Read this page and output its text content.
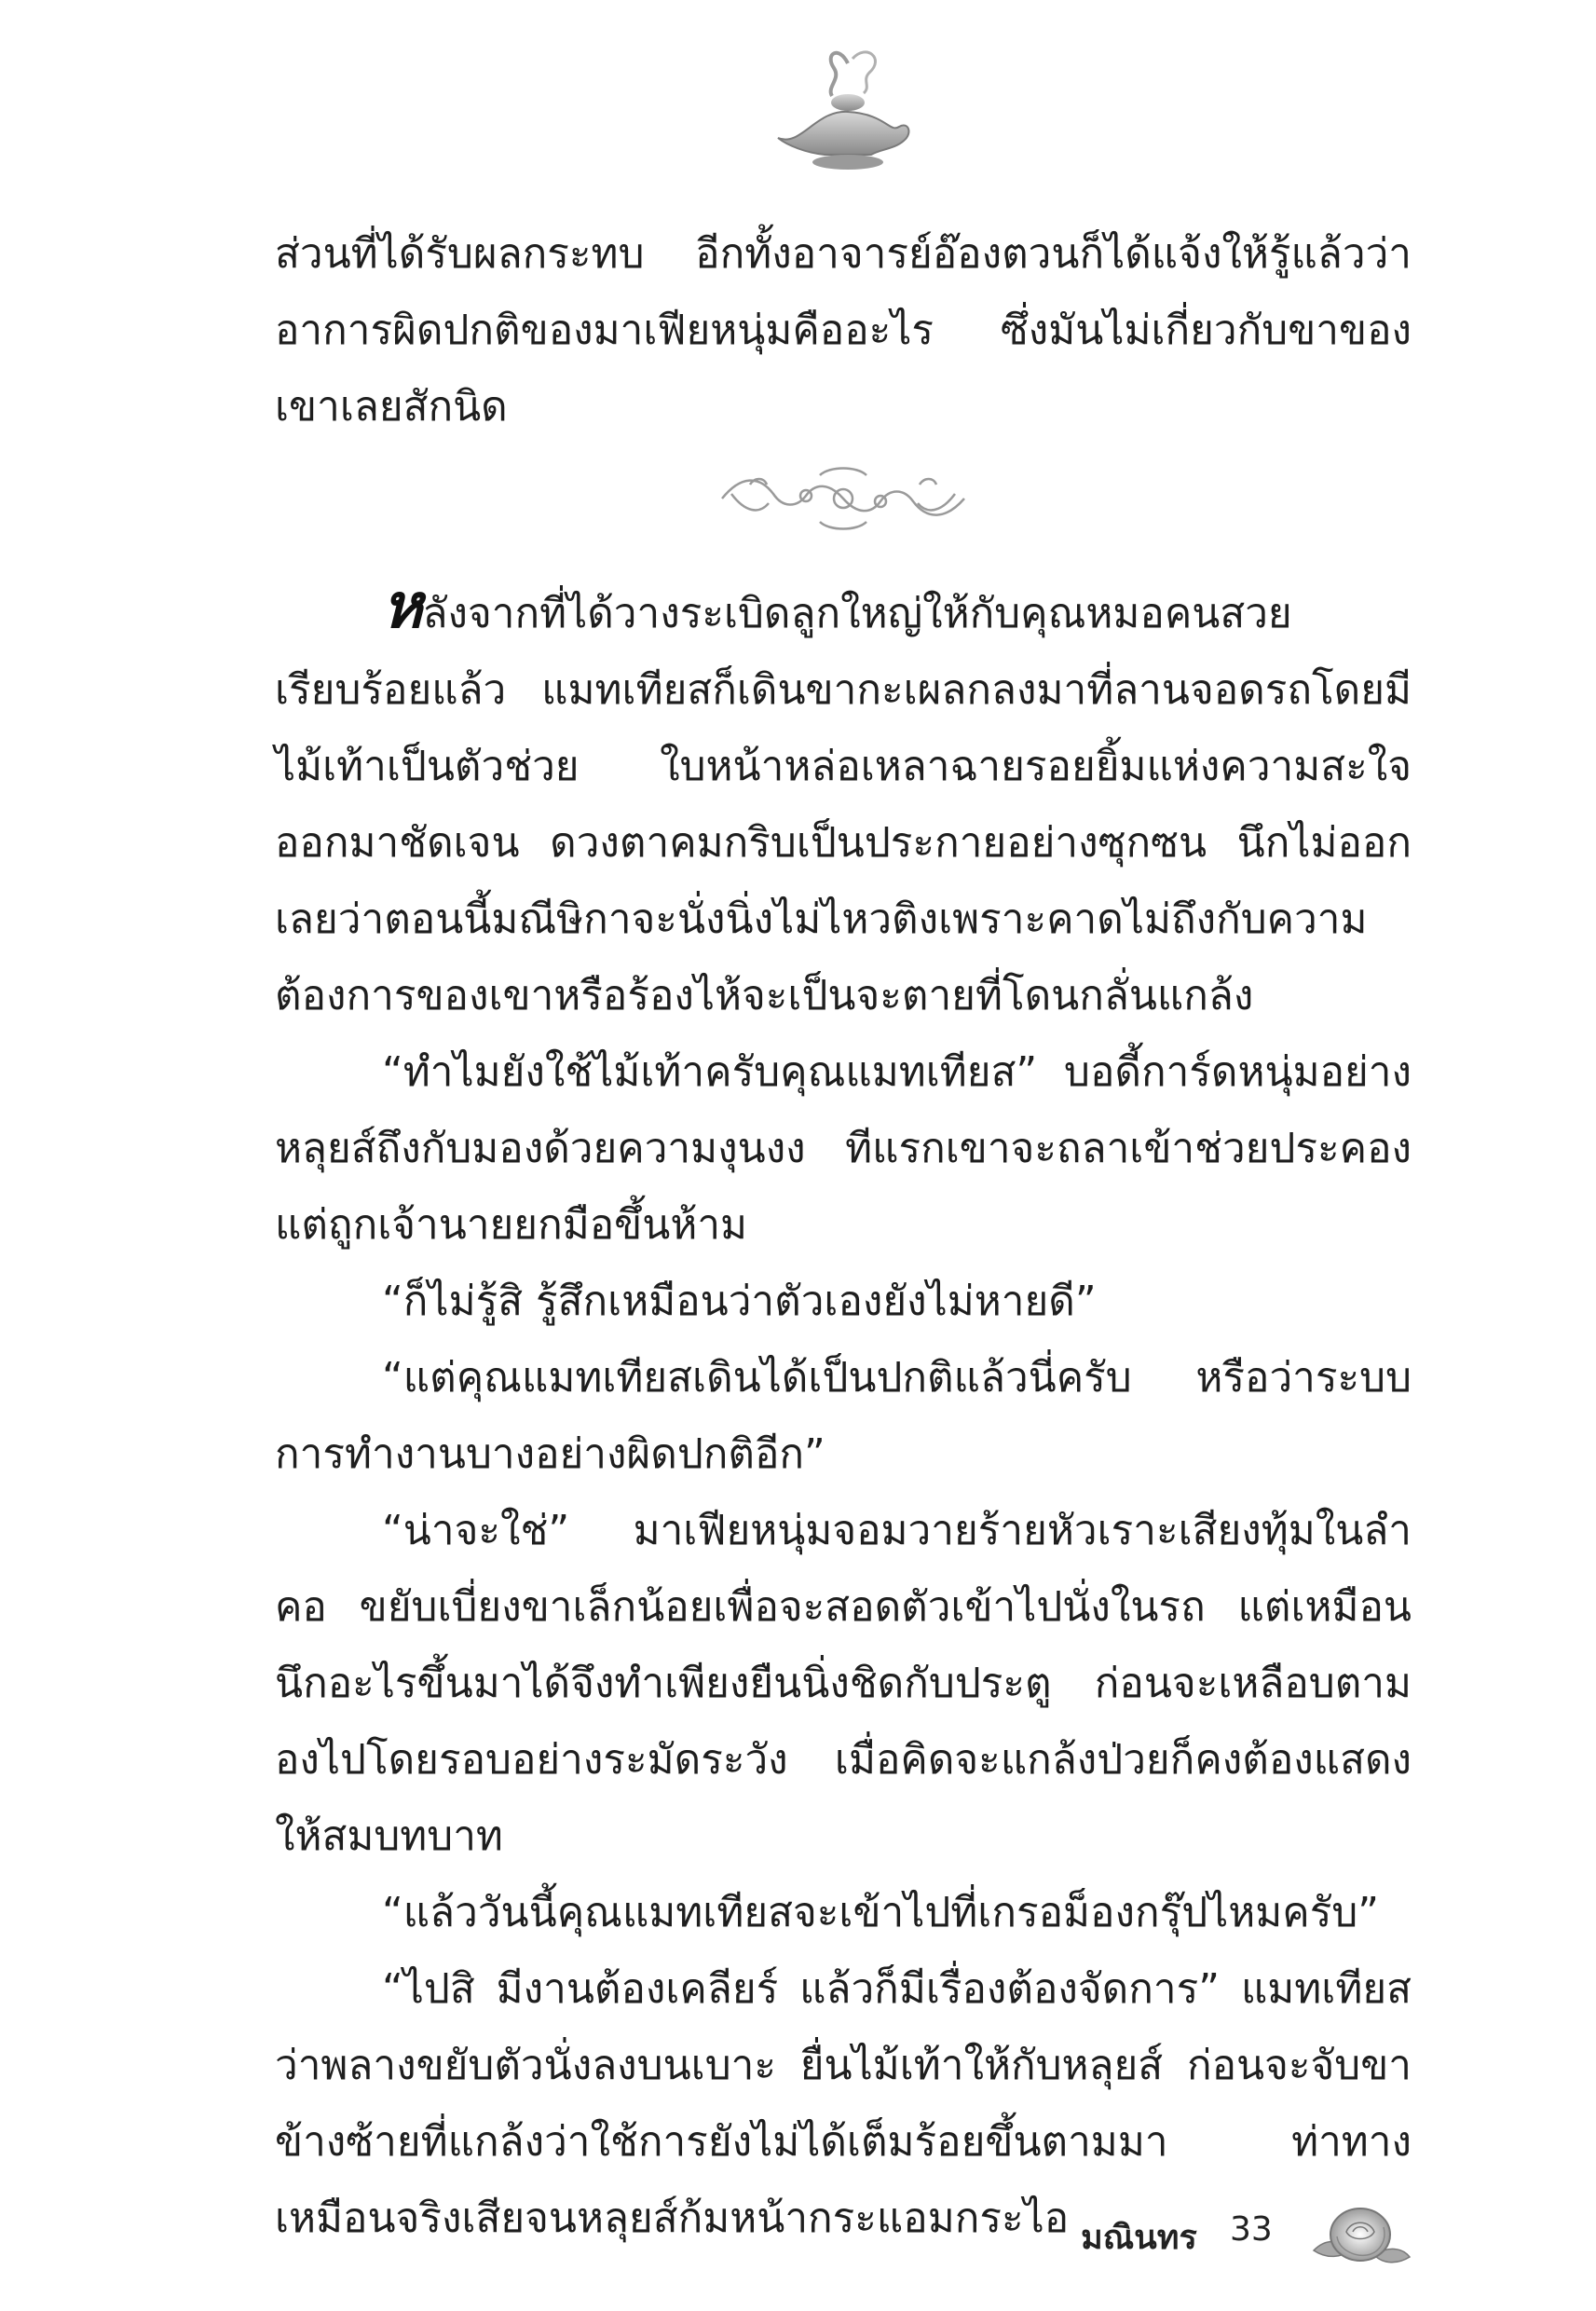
ส่วนที่ได้รับผลกระทบ อีกทั้งอาจารย์อ๊องตวนก็ได้แจ้งให้รู้แล้วว่าอาการผิดปกติของมาเฟียหนุ่มคืออะไร ซึ่งมันไม่เกี่ยวกับขาของเขาเลยสักนิด

หลังจากที่ได้วางระเบิดลูกใหญ่ให้กับคุณหมอคนสวยเรียบร้อยแล้ว แมทเทียสก็เดินขากะเผลกลงมาที่ลานจอดรถโดยมีไม้เท้าเป็นตัวช่วย ใบหน้าหล่อเหลาฉายรอยยิ้มแห่งความสะใจออกมาชัดเจน ดวงตาคมกริบเป็นประกายอย่างซุกซน นึกไม่ออกเลยว่าตอนนี้มณีษิกาจะนั่งนิ่งไม่ไหวติงเพราะคาดไม่ถึงกับความต้องการของเขาหรือร้องไห้จะเป็นจะตายที่โดนกลั่นแกล้ง

“ทำไมยังใช้ไม้เท้าครับคุณแมทเทียส” บอดี้การ์ดหนุ่มอย่างหลุยส์ถึงกับมองด้วยความงุนงง ทีแรกเขาจะถลาเข้าช่วยประคองแต่ถูกเจ้านายยกมือขึ้นห้าม

“ก็ไม่รู้สิ รู้สึกเหมือนว่าตัวเองยังไม่หายดี”

“แต่คุณแมทเทียสเดินได้เป็นปกติแล้วนี่ครับ หรือว่าระบบการทำงานบางอย่างผิดปกติอีก”

“น่าจะใช่” มาเฟียหนุ่มจอมวายร้ายหัวเราะเสียงทุ้มในลำคอ ขยับเบี่ยงขาเล็กน้อยเพื่อจะสอดตัวเข้าไปนั่งในรถ แต่เหมือนนึกอะไรขึ้นมาได้จึงทำเพียงยืนนิ่งชิดกับประตู ก่อนจะเหลือบตามองไปโดยรอบอย่างระมัดระวัง เมื่อคิดจะแกล้งป่วยก็คงต้องแสดงให้สมบทบาท

“แล้ววันนี้คุณแมทเทียสจะเข้าไปที่เกรอม็องกรุ๊ปไหมครับ”

“ไปสิ มีงานต้องเคลียร์ แล้วก็มีเรื่องต้องจัดการ” แมทเทียสว่าพลางขยับตัวนั่งลงบนเบาะ ยื่นไม้เท้าให้กับหลุยส์ ก่อนจะจับขาข้างซ้ายที่แกล้งว่าใช้การยังไม่ได้เต็มร้อยขึ้นตามมา ท่าทางเหมือนจริงเสียจนหลุยส์ก้มหน้ากระแอมกระไอ มณินทร 33
